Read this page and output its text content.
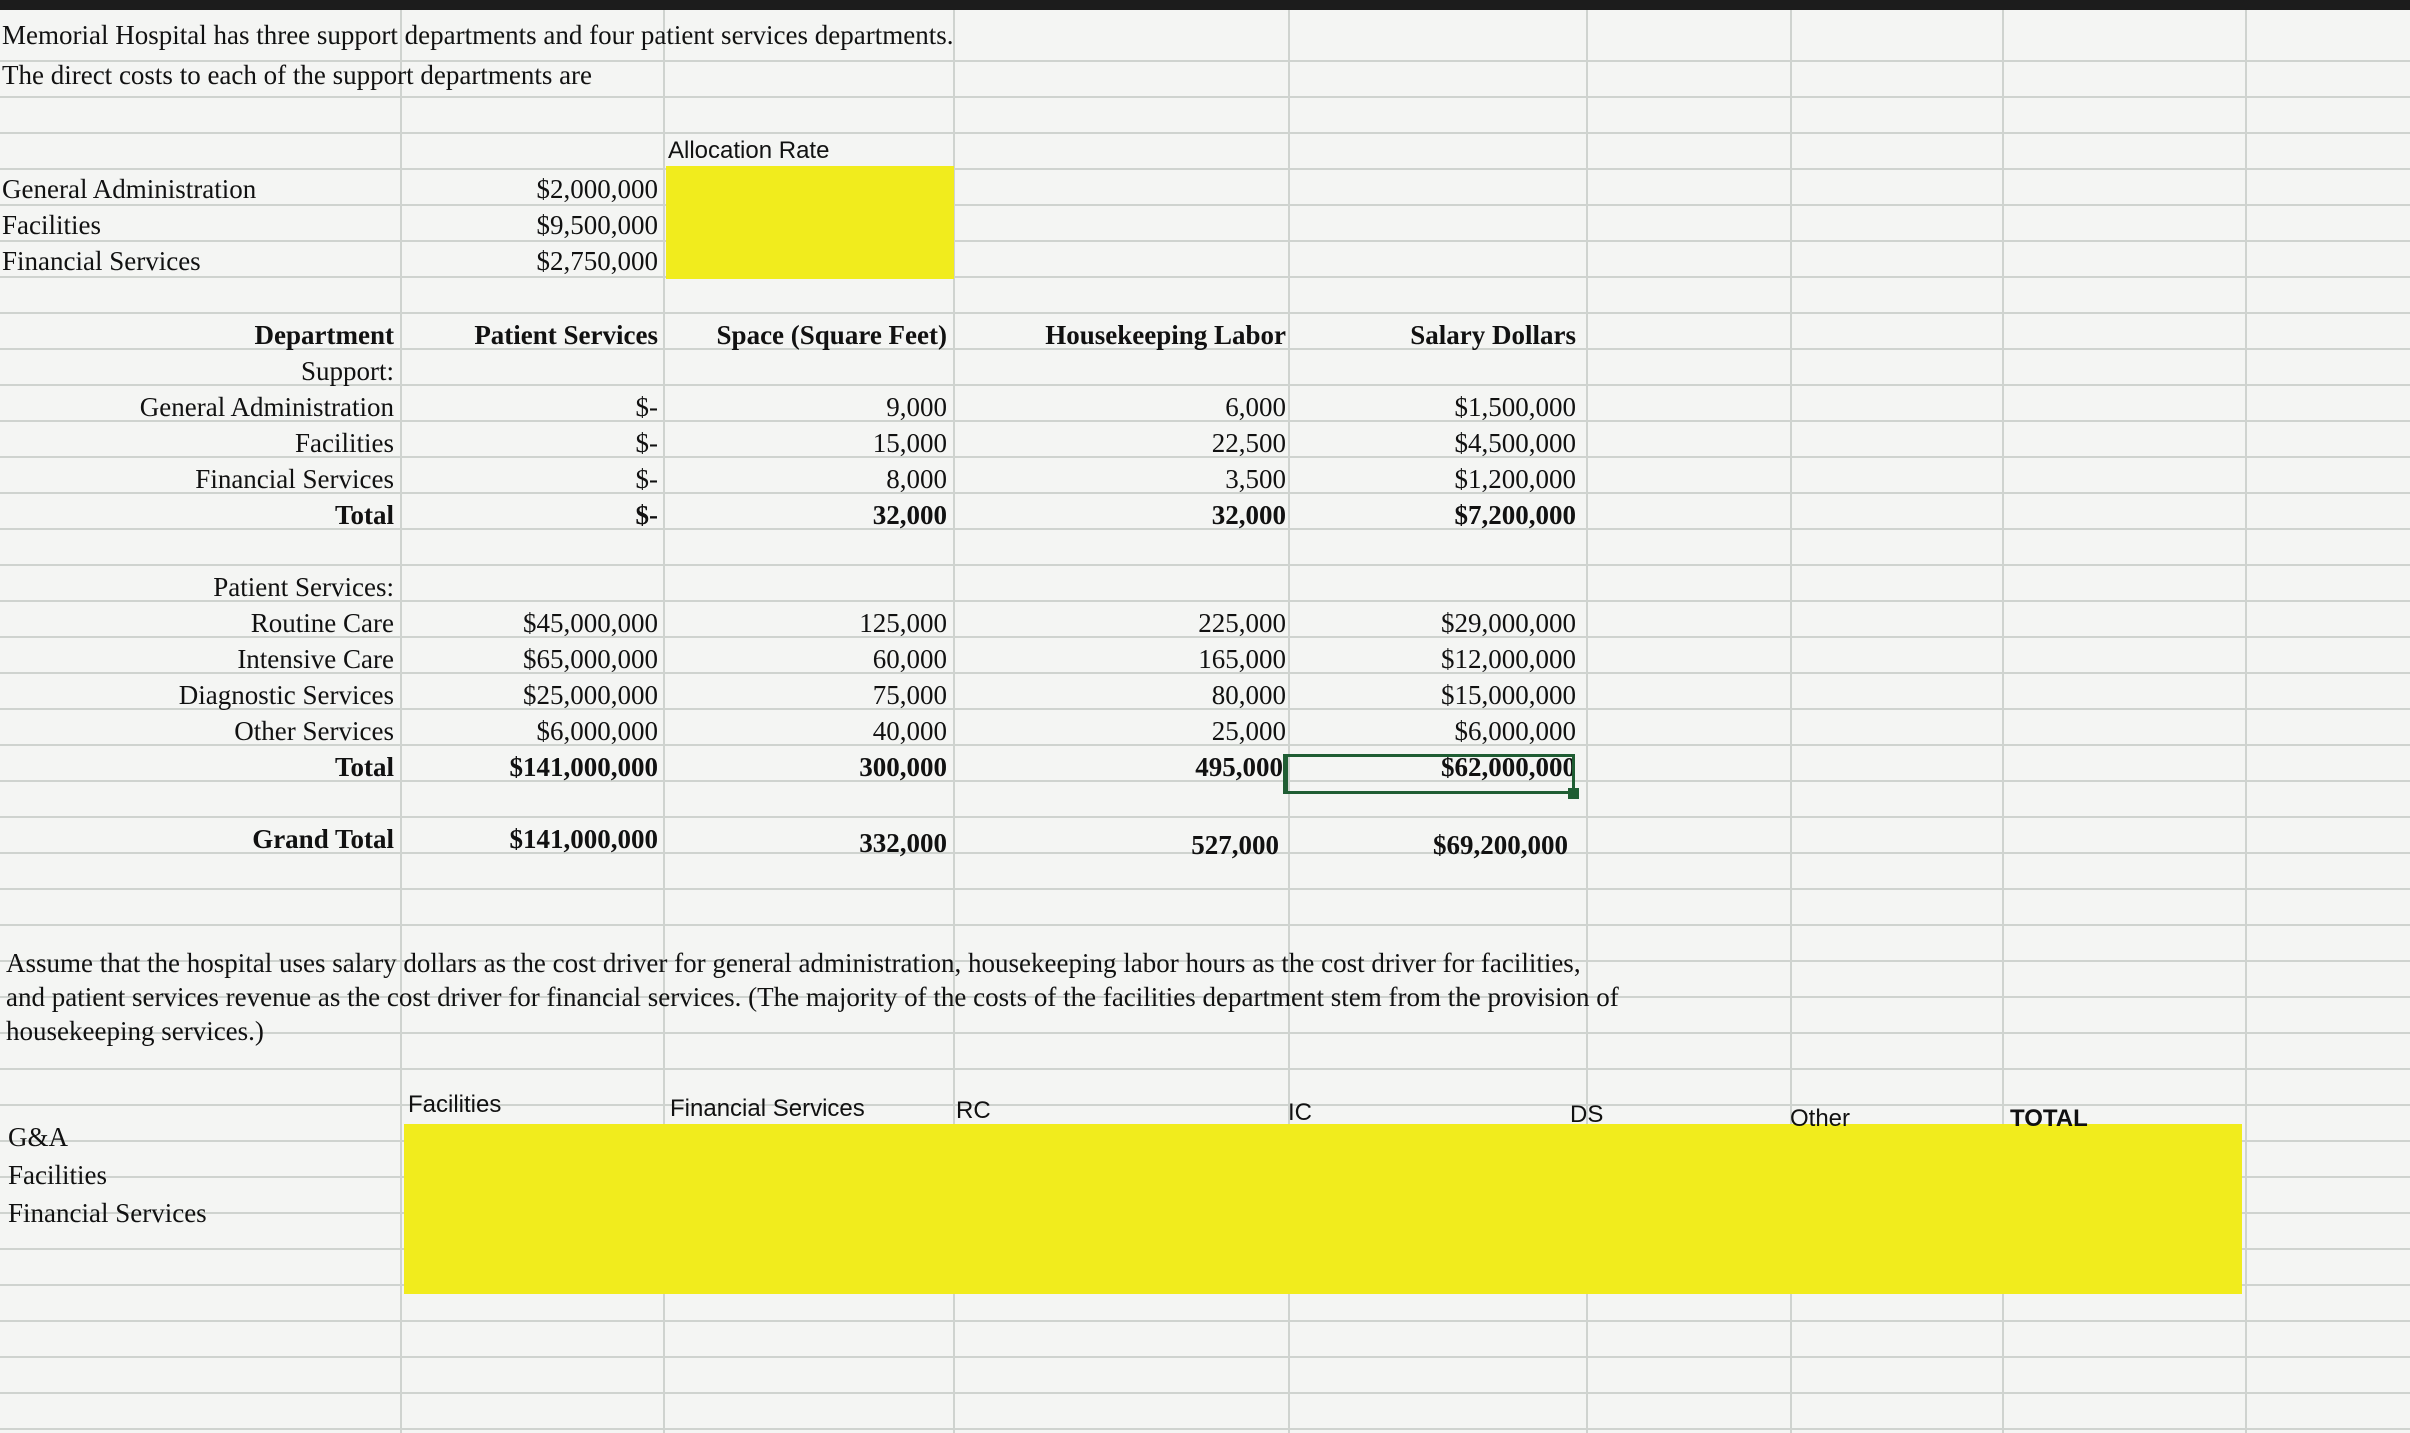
Memorial Hospital has three support departments and four patient services departments.
The direct costs to each of the support departments are
Allocation Rate
General Administration	$2,000,000
Facilities	$9,500,000
Financial Services	$2,750,000
Department	Patient Services	Space (Square Feet)	Housekeeping Labor	Salary Dollars
Support:
General Administration	$-	9,000	6,000	$1,500,000
Facilities	$-	15,000	22,500	$4,500,000
Financial Services	$-	8,000	3,500	$1,200,000
Total	$-	32,000	32,000	$7,200,000
Patient Services:
Routine Care	$45,000,000	125,000	225,000	$29,000,000
Intensive Care	$65,000,000	60,000	165,000	$12,000,000
Diagnostic Services	$25,000,000	75,000	80,000	$15,000,000
Other Services	$6,000,000	40,000	25,000	$6,000,000
Total	$141,000,000	300,000	495,000	$62,000,000
Grand Total	$141,000,000	332,000	527,000	$69,200,000
Assume that the hospital uses salary dollars as the cost driver for general administration, housekeeping labor hours as the cost driver for facilities,
and patient services revenue as the cost driver for financial services. (The majority of the costs of the facilities department stem from the provision of
housekeeping services.)
Facilities	Financial Services	RC	IC	DS	Other	TOTAL
G&A
Facilities
Financial Services
